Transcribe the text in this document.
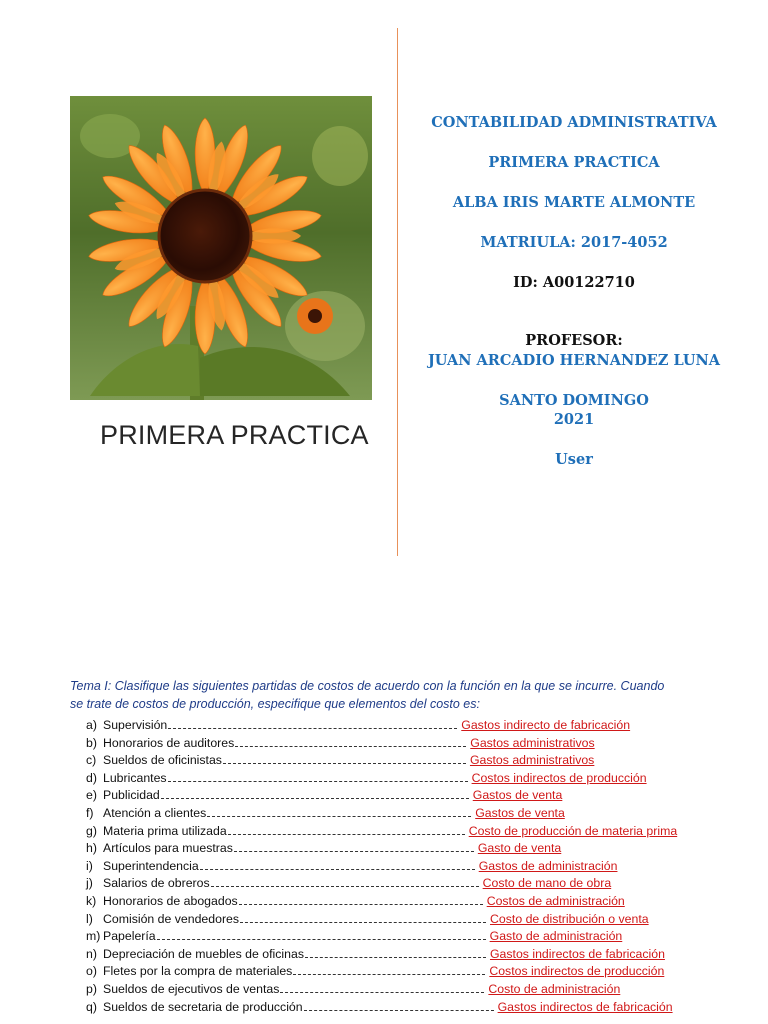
PRIMERA PRACTICA
CONTABILIDAD ADMINISTRATIVA
PRIMERA PRACTICA
ALBA IRIS MARTE ALMONTE
MATRIULA: 2017-4052
ID: A00122710
PROFESOR:
JUAN ARCADIO HERNANDEZ LUNA
SANTO DOMINGO
2021
User
Tema I: Clasifique las siguientes partidas de costos de acuerdo con la función en la que se incurre. Cuando
se trate de costos de producción, especifique que elementos del costo es:
a) Supervisión	Gastos indirecto de fabricación
b) Honorarios de auditores	Gastos administrativos
c) Sueldos de oficinistas	Gastos administrativos
d) Lubricantes	Costos indirectos de producción
e) Publicidad	Gastos de venta
f) Atención a clientes	Gastos de venta
g) Materia prima utilizada	Costo de producción de materia prima
h) Artículos para muestras	Gasto de venta
i) Superintendencia	Gastos de administración
j) Salarios de obreros	Costo de mano de obra
k) Honorarios de abogados	Costos de administración
l) Comisión de vendedores	Costo de distribución o venta
m) Papelería	Gasto de administración
n) Depreciación de muebles de oficinas	Gastos indirectos de fabricación
o) Fletes por la compra de materiales	Costos indirectos de producción
p) Sueldos de ejecutivos de ventas	Costo de administración
q) Sueldos de secretaria de producción	Gastos indirectos de fabricación
